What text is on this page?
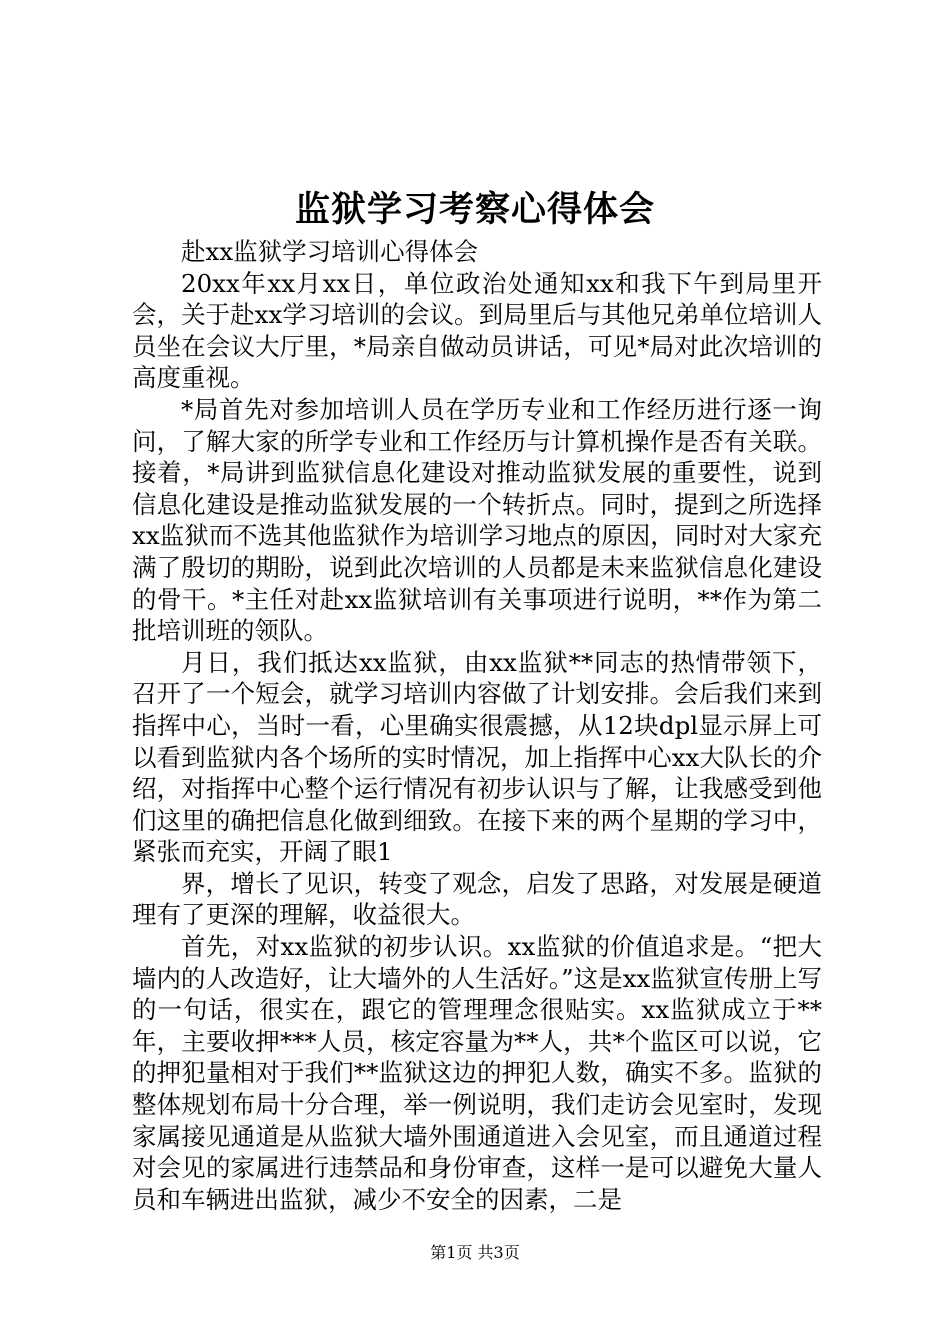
监狱学习考察心得体会

赴xx监狱学习培训心得体会

20xx年xx月xx日，单位政治处通知xx和我下午到局里开会，关于赴xx学习培训的会议。到局里后与其他兄弟单位培训人员坐在会议大厅里，*局亲自做动员讲话，可见*局对此次培训的高度重视。

*局首先对参加培训人员在学历专业和工作经历进行逐一询问，了解大家的所学专业和工作经历与计算机操作是否有关联。接着，*局讲到监狱信息化建设对推动监狱发展的重要性，说到信息化建设是推动监狱发展的一个转折点。同时，提到之所选择xx监狱而不选其他监狱作为培训学习地点的原因，同时对大家充满了殷切的期盼，说到此次培训的人员都是未来监狱信息化建设的骨干。*主任对赴xx监狱培训有关事项进行说明，**作为第二批培训班的领队。

月日，我们抵达xx监狱，由xx监狱**同志的热情带领下，召开了一个短会，就学习培训内容做了计划安排。会后我们来到指挥中心，当时一看，心里确实很震撼，从12块dpl显示屏上可以看到监狱内各个场所的实时情况，加上指挥中心xx大队长的介绍，对指挥中心整个运行情况有初步认识与了解，让我感受到他们这里的确把信息化做到细致。在接下来的两个星期的学习中，紧张而充实，开阔了眼1

界，增长了见识，转变了观念，启发了思路，对发展是硬道理有了更深的理解，收益很大。

首先，对xx监狱的初步认识。xx监狱的价值追求是。“把大墙内的人改造好，让大墙外的人生活好。”这是xx监狱宣传册上写的一句话，很实在，跟它的管理理念很贴实。xx监狱成立于**年，主要收押***人员，核定容量为**人，共*个监区可以说，它的押犯量相对于我们**监狱这边的押犯人数，确实不多。监狱的整体规划布局十分合理，举一例说明，我们走访会见室时，发现家属接见通道是从监狱大墙外围通道进入会见室，而且通道过程对会见的家属进行违禁品和身份审查，这样一是可以避免大量人员和车辆进出监狱，减少不安全的因素，二是

第1页 共3页
